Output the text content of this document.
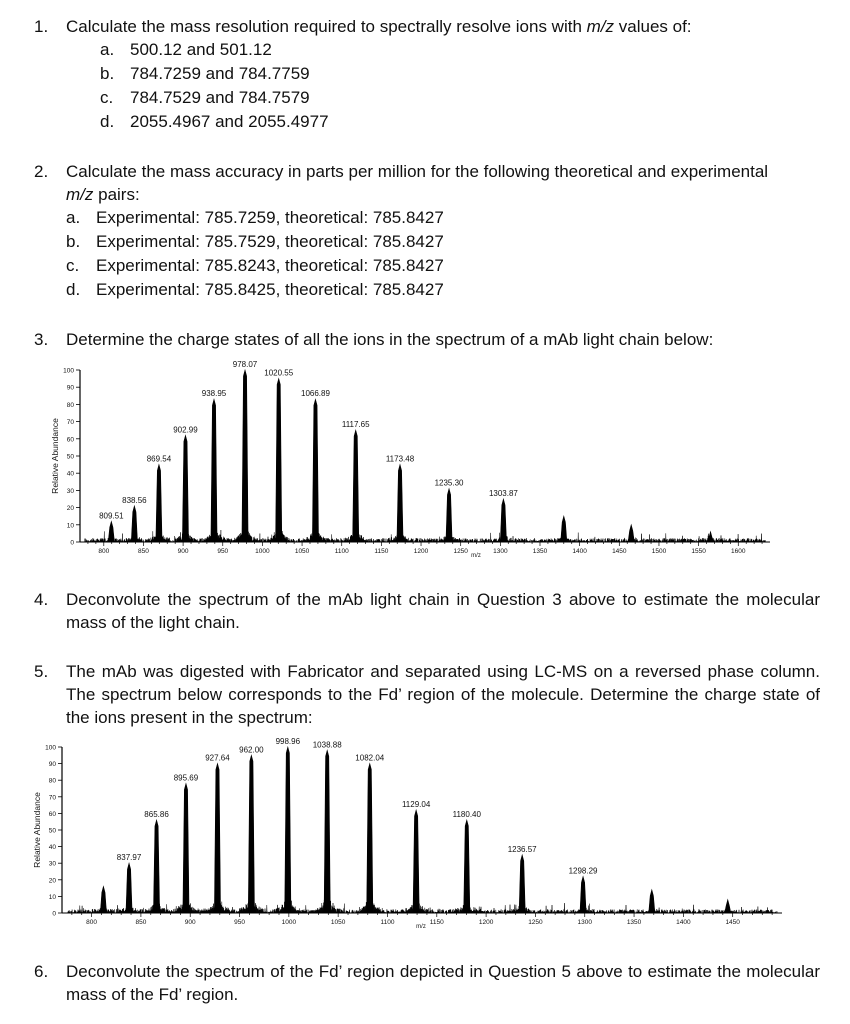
1. Calculate the mass resolution required to spectrally resolve ions with m/z values of:
a. 500.12 and 501.12
b. 784.7259 and 784.7759
c. 784.7529 and 784.7579
d. 2055.4967 and 2055.4977
2. Calculate the mass accuracy in parts per million for the following theoretical and experimental
m/z pairs:
a. Experimental: 785.7259, theoretical: 785.8427
b. Experimental: 785.7529, theoretical: 785.8427
c. Experimental: 785.8243, theoretical: 785.8427
d. Experimental: 785.8425, theoretical: 785.8427
3. Determine the charge states of all the ions in the spectrum of a mAb light chain below:
0
10
20
30
40
50
60
70
80
90
100
800	850	900	950	1000	1050	1100	1150	1200	1250	1300	1350	1400	1450	1500	1550	1600
Relative Abundance
m/z
809.51
838.56
869.54
902.99
938.95
978.07
1020.55
1066.89
1117.65
1173.48
1235.30
1303.87
4. Deconvolute the spectrum of the mAb light chain in Question 3 above to estimate the molecular mass of the light chain.
5. The mAb was digested with Fabricator and separated using LC-MS on a reversed phase column. The spectrum below corresponds to the Fd’ region of the molecule. Determine the charge state of the ions present in the spectrum:
0
10
20
30
40
50
60
70
80
90
100
800	850	900	950	1000	1050	1100	1150	1200	1250	1300	1350	1400	1450
Relative Abundance
m/z
837.97
865.86
895.69
927.64
962.00
998.96 1038.88
1082.04
1129.04
1180.40
1236.57
1298.29
6. Deconvolute the spectrum of the Fd’ region depicted in Question 5 above to estimate the molecular mass of the Fd’ region.
